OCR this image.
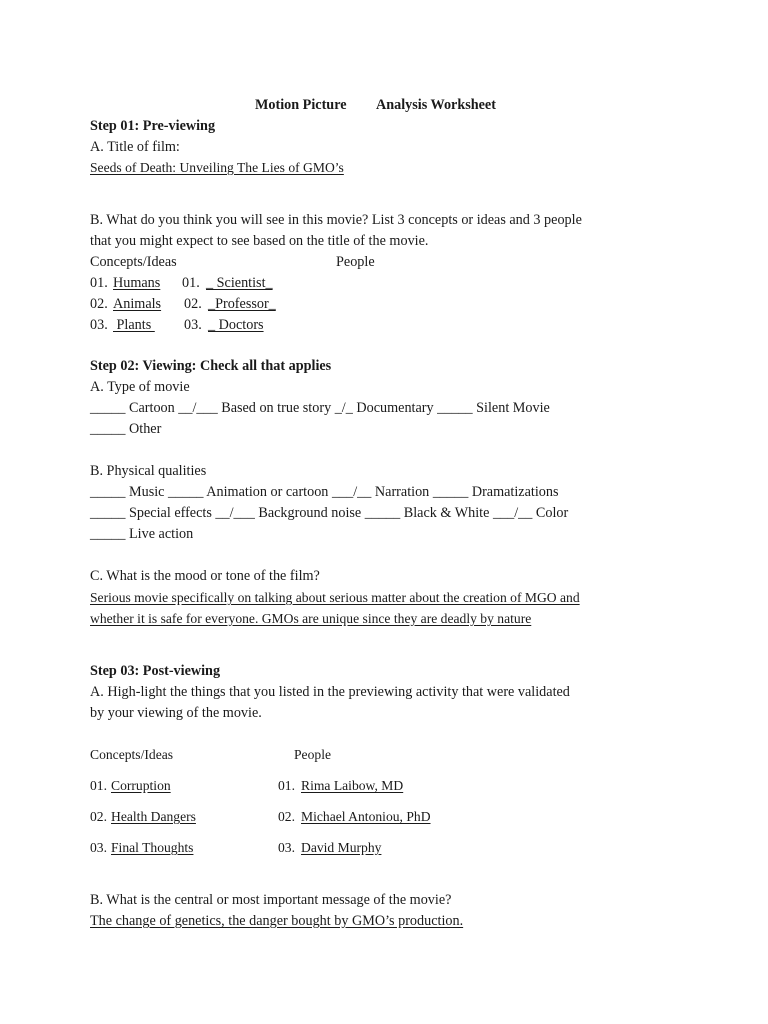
Motion Picture Analysis Worksheet
Step 01: Pre-viewing
A. Title of film:
Seeds of Death: Unveiling The Lies of GMO’s
B. What do you think you will see in this movie? List 3 concepts or ideas and 3 people
that you might expect to see based on the title of the movie.
Concepts/Ideas	People
01. Humans 01. _ Scientist_
02. Animals 02. _Professor_
03. Plants 03. _ Doctors
Step 02: Viewing: Check all that applies
A. Type of movie
_____ Cartoon __/___ Based on true story _/_ Documentary _____ Silent Movie
_____ Other
B. Physical qualities
_____ Music _____ Animation or cartoon ___/__ Narration _____ Dramatizations
_____ Special effects __/___ Background noise _____ Black & White ___/__ Color
_____ Live action
C. What is the mood or tone of the film?
Serious movie specifically on talking about serious matter about the creation of MGO and
whether it is safe for everyone. GMOs are unique since they are deadly by nature
Step 03: Post-viewing
A. High-light the things that you listed in the previewing activity that were validated
by your viewing of the movie.
Concepts/Ideas	People
01. Corruption	01. Rima Laibow, MD
02. Health Dangers	02. Michael Antoniou, PhD
03. Final Thoughts	03. David Murphy
B. What is the central or most important message of the movie?
The change of genetics, the danger bought by GMO’s production.
